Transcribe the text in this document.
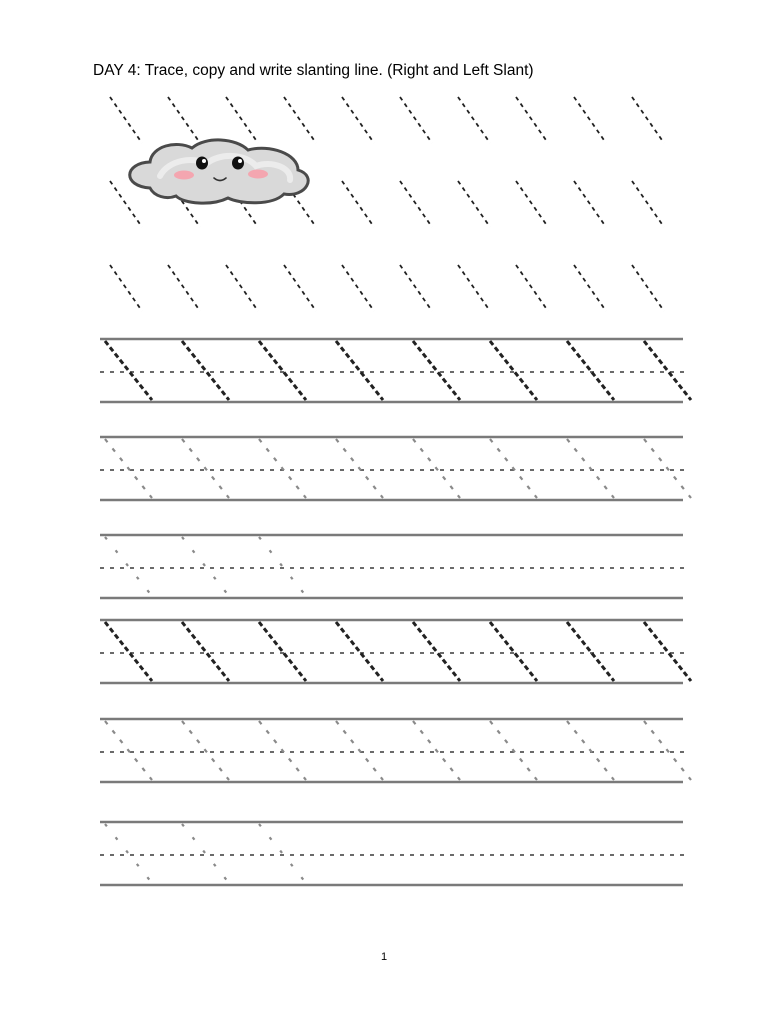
DAY 4: Trace, copy and write slanting line. (Right and Left Slant)
1
